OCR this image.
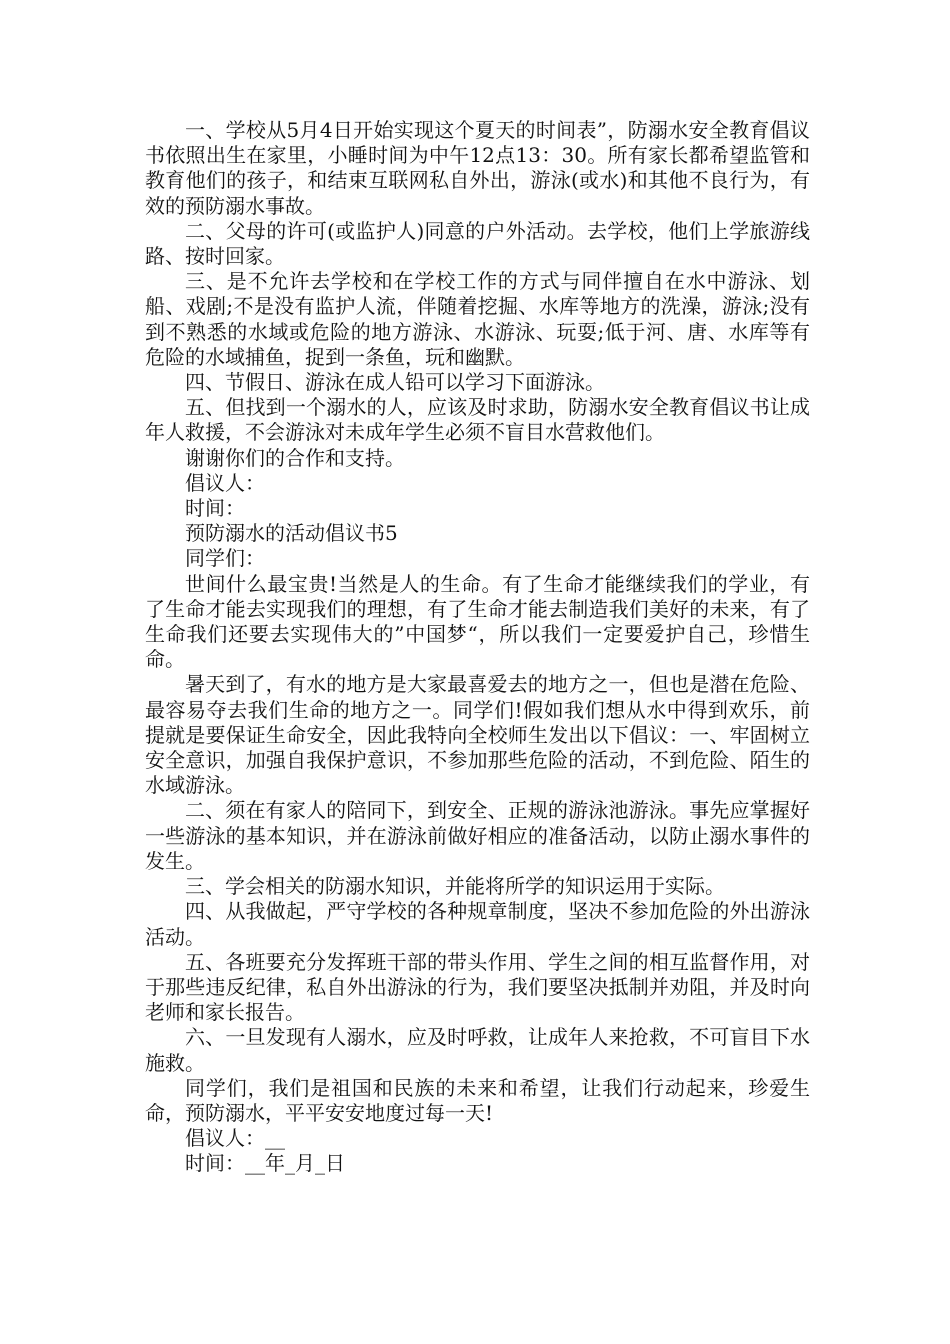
一、学校从5月4日开始实现这个夏天的时间表”，防溺水安全教育倡议书依照出生在家里，小睡时间为中午12点13：30。所有家长都希望监管和教育他们的孩子，和结束互联网私自外出，游泳(或水)和其他不良行为，有效的预防溺水事故。

二、父母的许可(或监护人)同意的户外活动。去学校，他们上学旅游线路、按时回家。

三、是不允许去学校和在学校工作的方式与同伴擅自在水中游泳、划船、戏剧;不是没有监护人流，伴随着挖掘、水库等地方的洗澡，游泳;没有到不熟悉的水域或危险的地方游泳、水游泳、玩耍;低于河、唐、水库等有危险的水域捕鱼，捉到一条鱼，玩和幽默。

四、节假日、游泳在成人铅可以学习下面游泳。

五、但找到一个溺水的人，应该及时求助，防溺水安全教育倡议书让成年人救援，不会游泳对未成年学生必须不盲目水营救他们。

谢谢你们的合作和支持。

倡议人：

时间：

预防溺水的活动倡议书5

同学们：

世间什么最宝贵!当然是人的生命。有了生命才能继续我们的学业，有了生命才能去实现我们的理想，有了生命才能去制造我们美好的未来，有了生命我们还要去实现伟大的”中国梦“，所以我们一定要爱护自己，珍惜生命。

暑天到了，有水的地方是大家最喜爱去的地方之一，但也是潜在危险、最容易夺去我们生命的地方之一。同学们!假如我们想从水中得到欢乐，前提就是要保证生命安全，因此我特向全校师生发出以下倡议：一、牢固树立安全意识，加强自我保护意识，不参加那些危险的活动，不到危险、陌生的水域游泳。

二、须在有家人的陪同下，到安全、正规的游泳池游泳。事先应掌握好一些游泳的基本知识，并在游泳前做好相应的准备活动，以防止溺水事件的发生。

三、学会相关的防溺水知识，并能将所学的知识运用于实际。

四、从我做起，严守学校的各种规章制度，坚决不参加危险的外出游泳活动。

五、各班要充分发挥班干部的带头作用、学生之间的相互监督作用，对于那些违反纪律，私自外出游泳的行为，我们要坚决抵制并劝阻，并及时向老师和家长报告。

六、一旦发现有人溺水，应及时呼救，让成年人来抢救，不可盲目下水施救。

同学们，我们是祖国和民族的未来和希望，让我们行动起来，珍爱生命，预防溺水，平平安安地度过每一天!

倡议人：__

时间：__年_月_日
